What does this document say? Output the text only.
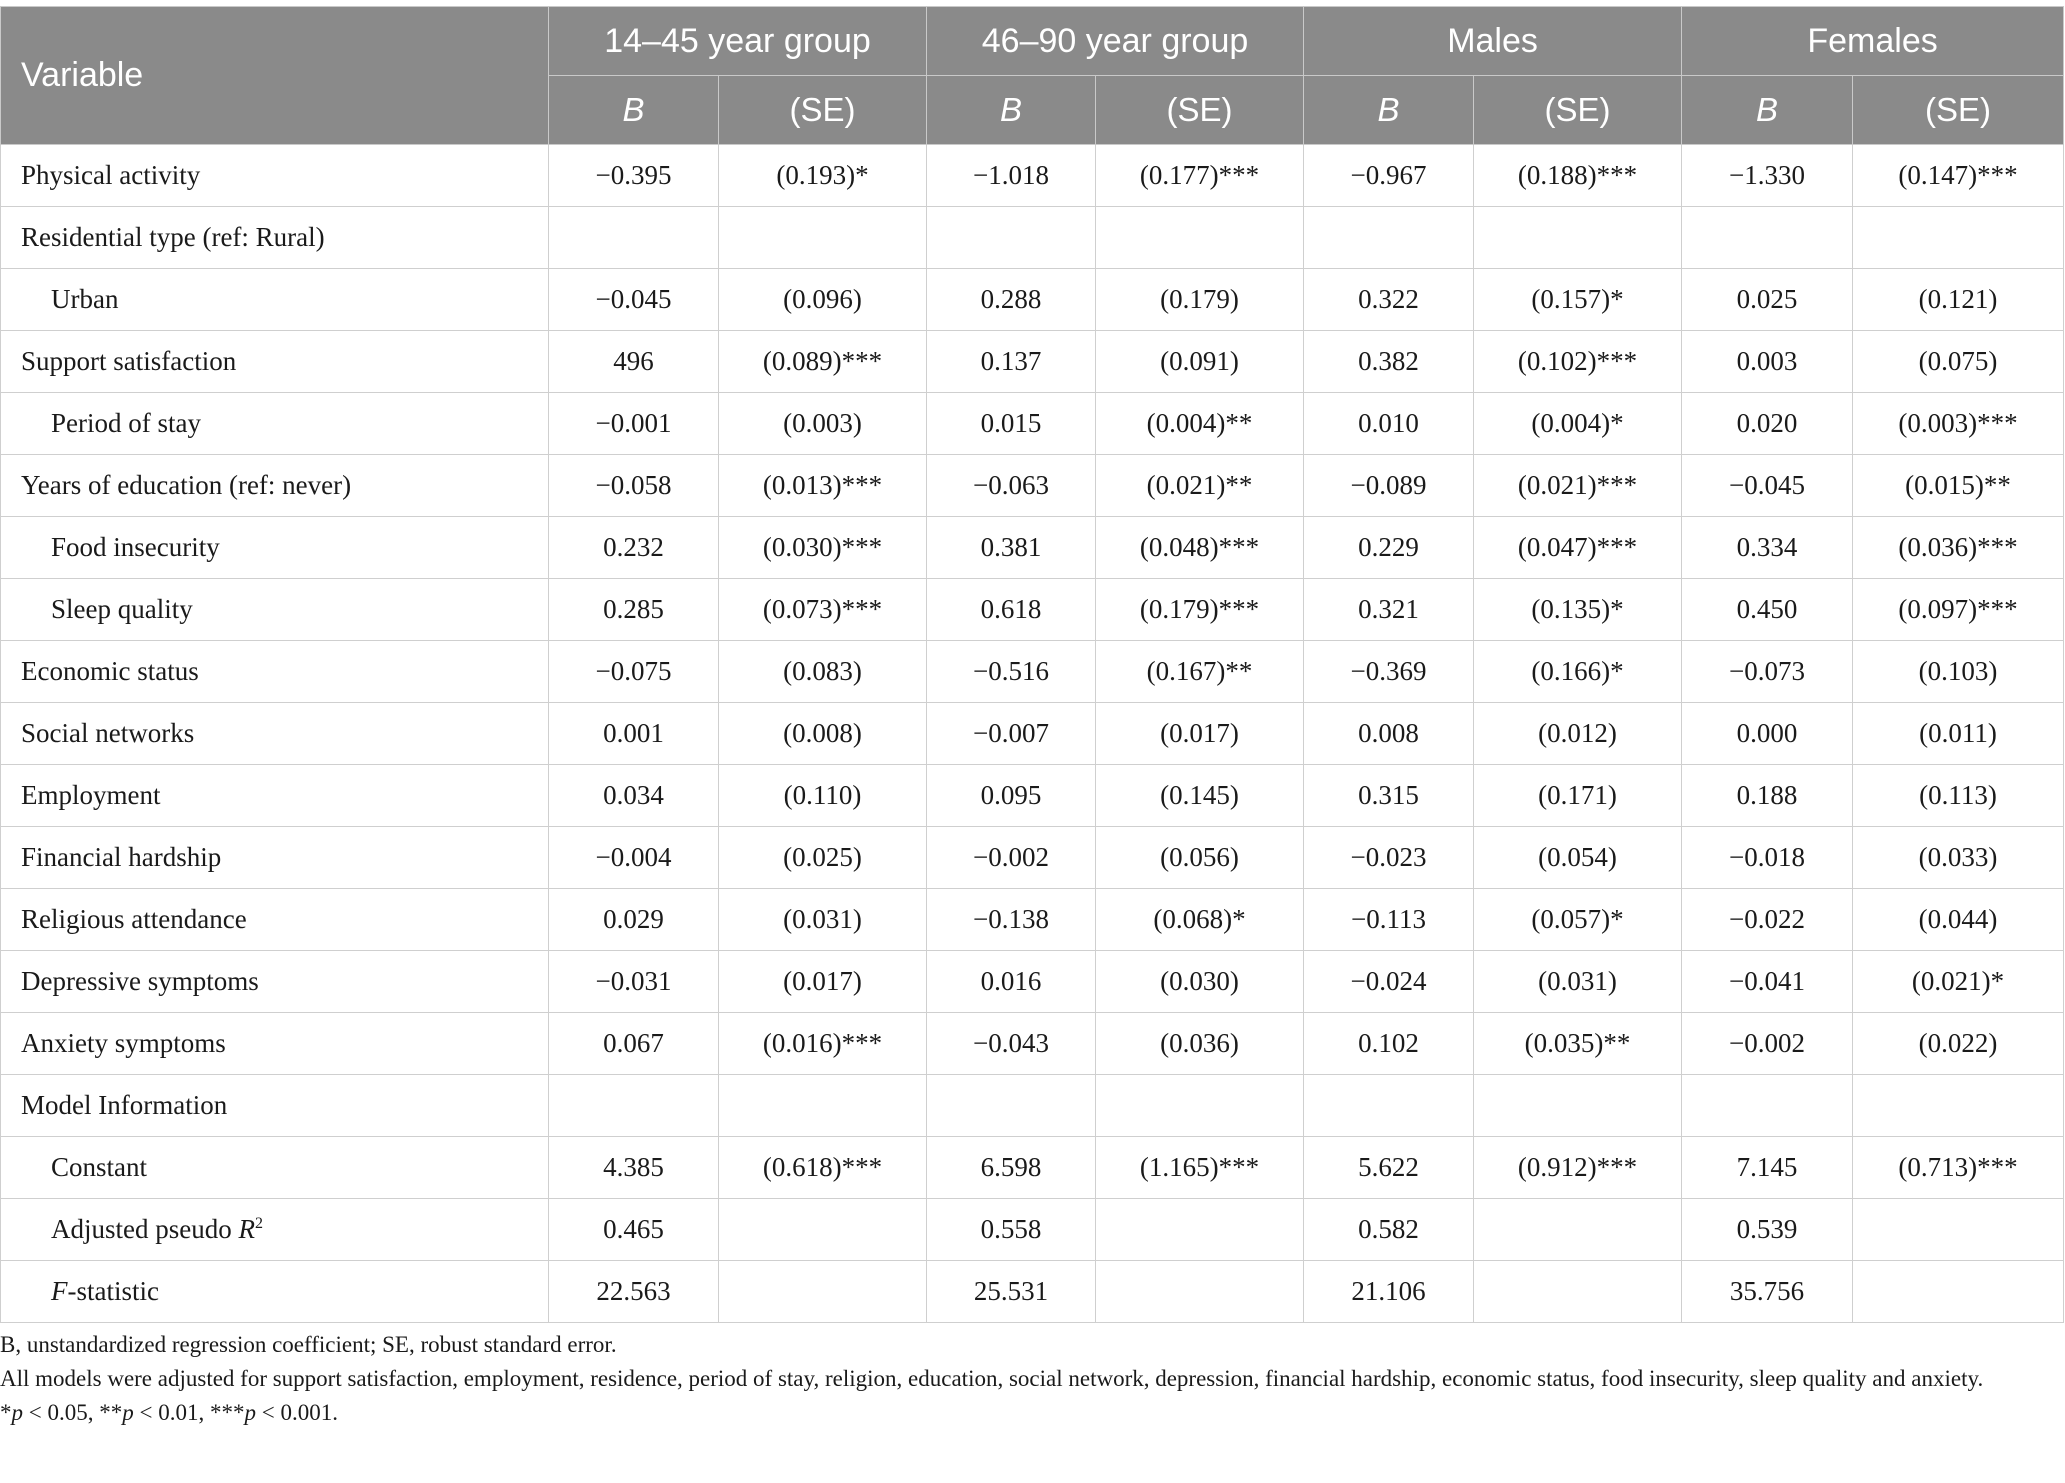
Variable	14–45 year group		46–90 year group		Males		Females	
	B	(SE)	B	(SE)	B	(SE)	B	(SE)
Physical activity	−0.395	(0.193)*	−1.018	(0.177)***	−0.967	(0.188)***	−1.330	(0.147)***
Residential type (ref: Rural)								
Urban	−0.045	(0.096)	0.288	(0.179)	0.322	(0.157)*	0.025	(0.121)
Support satisfaction	496	(0.089)***	0.137	(0.091)	0.382	(0.102)***	0.003	(0.075)
Period of stay	−0.001	(0.003)	0.015	(0.004)**	0.010	(0.004)*	0.020	(0.003)***
Years of education (ref: never)	−0.058	(0.013)***	−0.063	(0.021)**	−0.089	(0.021)***	−0.045	(0.015)**
Food insecurity	0.232	(0.030)***	0.381	(0.048)***	0.229	(0.047)***	0.334	(0.036)***
Sleep quality	0.285	(0.073)***	0.618	(0.179)***	0.321	(0.135)*	0.450	(0.097)***
Economic status	−0.075	(0.083)	−0.516	(0.167)**	−0.369	(0.166)*	−0.073	(0.103)
Social networks	0.001	(0.008)	−0.007	(0.017)	0.008	(0.012)	0.000	(0.011)
Employment	0.034	(0.110)	0.095	(0.145)	0.315	(0.171)	0.188	(0.113)
Financial hardship	−0.004	(0.025)	−0.002	(0.056)	−0.023	(0.054)	−0.018	(0.033)
Religious attendance	0.029	(0.031)	−0.138	(0.068)*	−0.113	(0.057)*	−0.022	(0.044)
Depressive symptoms	−0.031	(0.017)	0.016	(0.030)	−0.024	(0.031)	−0.041	(0.021)*
Anxiety symptoms	0.067	(0.016)***	−0.043	(0.036)	0.102	(0.035)**	−0.002	(0.022)
Model Information								
Constant	4.385	(0.618)***	6.598	(1.165)***	5.622	(0.912)***	7.145	(0.713)***
Adjusted pseudo $R^2$	0.465		0.558		0.582		0.539	
F-statistic	22.563		25.531		21.106		35.756	

B, unstandardized regression coefficient; SE, robust standard error.

All models were adjusted for support satisfaction, employment, residence, period of stay, religion, education, social network, depression, financial hardship, economic status, food insecurity, sleep quality and anxiety.

*p < 0.05, **p < 0.01, ***p < 0.001.
